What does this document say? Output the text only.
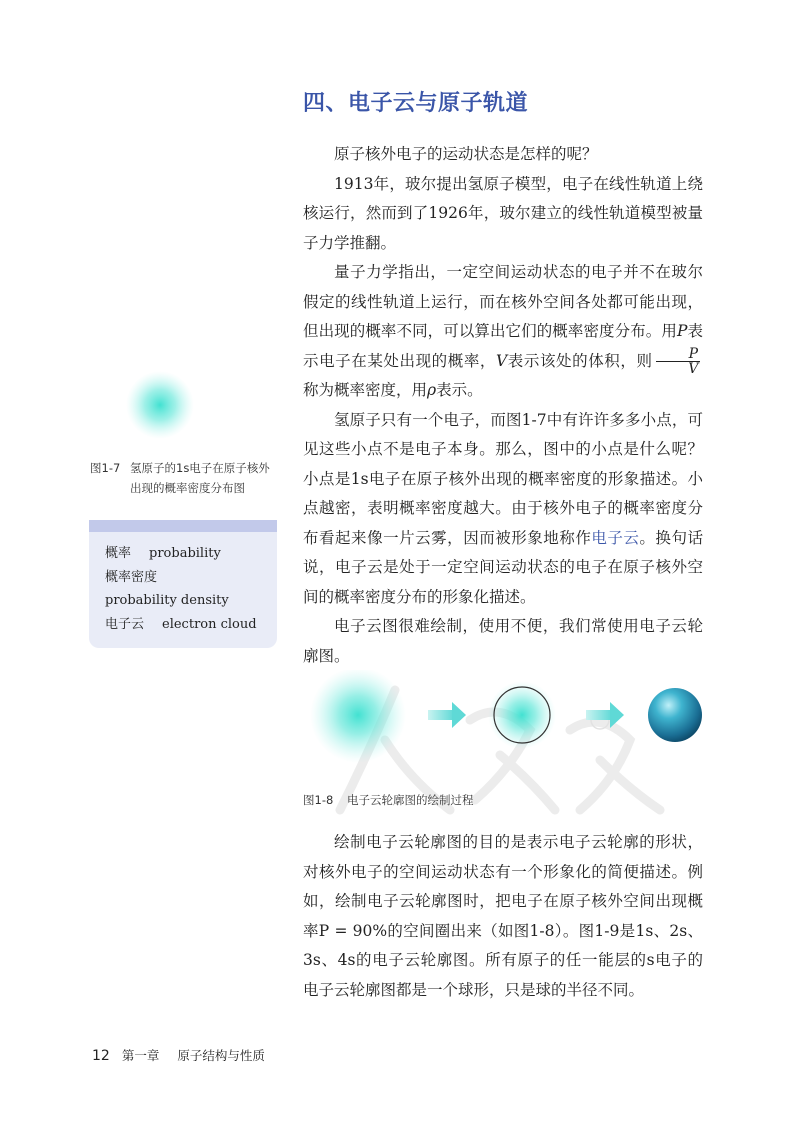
四、电子云与原子轨道

原子核外电子的运动状态是怎样的呢？

1913年，玻尔提出氢原子模型，电子在线性轨道上绕核运行，然而到了1926年，玻尔建立的线性轨道模型被量子力学推翻。

量子力学指出，一定空间运动状态的电子并不在玻尔假定的线性轨道上运行，而在核外空间各处都可能出现，但出现的概率不同，可以算出它们的概率密度分布。用P表示电子在某处出现的概率，V表示该处的体积，则 $\frac{P}{V}$
称为概率密度，用ρ表示。

氢原子只有一个电子，而图1-7中有许许多多小点，可见这些小点不是电子本身。那么，图中的小点是什么呢？小点是1s电子在原子核外出现的概率密度的形象描述。小点越密，表明概率密度越大。由于核外电子的概率密度分布看起来像一片云雾，因而被形象地称作电子云。换句话说，电子云是处于一定空间运动状态的电子在原子核外空间的概率密度分布的形象化描述。

电子云图很难绘制，使用不便，我们常使用电子云轮廓图。

图1-7 氢原子的1s电子在原子核外出现的概率密度分布图
概率 probability
概率密度
probability density
电子云 electron cloud
图1-8 电子云轮廓图的绘制过程

绘制电子云轮廓图的目的是表示电子云轮廓的形状，对核外电子的空间运动状态有一个形象化的简便描述。例如，绘制电子云轮廓图时，把电子在原子核外空间出现概率P = 90%的空间圈出来（如图1-8）。图1-9是1s、2s、3s、4s的电子云轮廓图。所有原子的任一能层的s电子的电子云轮廓图都是一个球形，只是球的半径不同。

12 第一章 原子结构与性质
